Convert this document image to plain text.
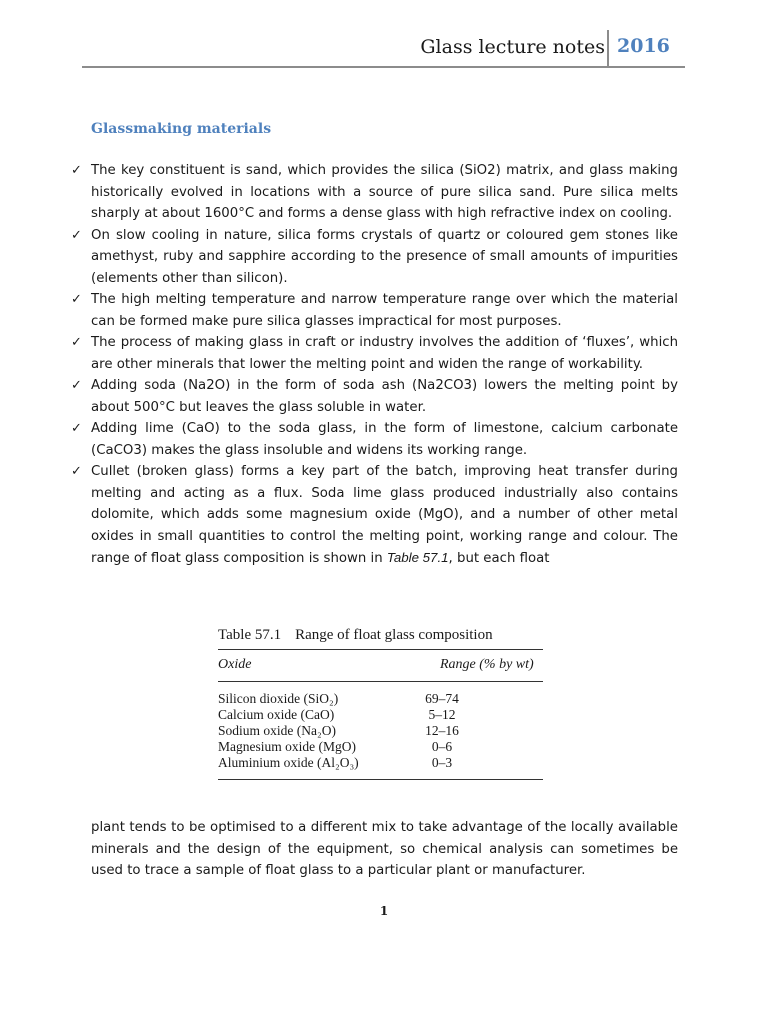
Glass lecture notes 2016
Glassmaking materials
✓ The key constituent is sand, which provides the silica (SiO2) matrix, and glass making historically evolved in locations with a source of pure silica sand. Pure silica melts sharply at about 1600°C and forms a dense glass with high refractive index on cooling.
✓ On slow cooling in nature, silica forms crystals of quartz or coloured gem stones like amethyst, ruby and sapphire according to the presence of small amounts of impurities (elements other than silicon).
✓ The high melting temperature and narrow temperature range over which the material can be formed make pure silica glasses impractical for most purposes.
✓ The process of making glass in craft or industry involves the addition of ‘fluxes’, which are other minerals that lower the melting point and widen the range of workability.
✓ Adding soda (Na2O) in the form of soda ash (Na2CO3) lowers the melting point by about 500°C but leaves the glass soluble in water.
✓ Adding lime (CaO) to the soda glass, in the form of limestone, calcium carbonate (CaCO3) makes the glass insoluble and widens its working range.
✓ Cullet (broken glass) forms a key part of the batch, improving heat transfer during melting and acting as a flux. Soda lime glass produced industrially also contains dolomite, which adds some magnesium oxide (MgO), and a number of other metal oxides in small quantities to control the melting point, working range and colour. The range of float glass composition is shown in Table 57.1, but each float
Table 57.1 Range of float glass composition
Oxide	Range (% by wt)
Silicon dioxide (SiO₂)	69–74
Calcium oxide (CaO)	5–12
Sodium oxide (Na₂O)	12–16
Magnesium oxide (MgO)	0–6
Aluminium oxide (Al₂O₃)	0–3

plant tends to be optimised to a different mix to take advantage of the locally available minerals and the design of the equipment, so chemical analysis can sometimes be used to trace a sample of float glass to a particular plant or manufacturer.

1
